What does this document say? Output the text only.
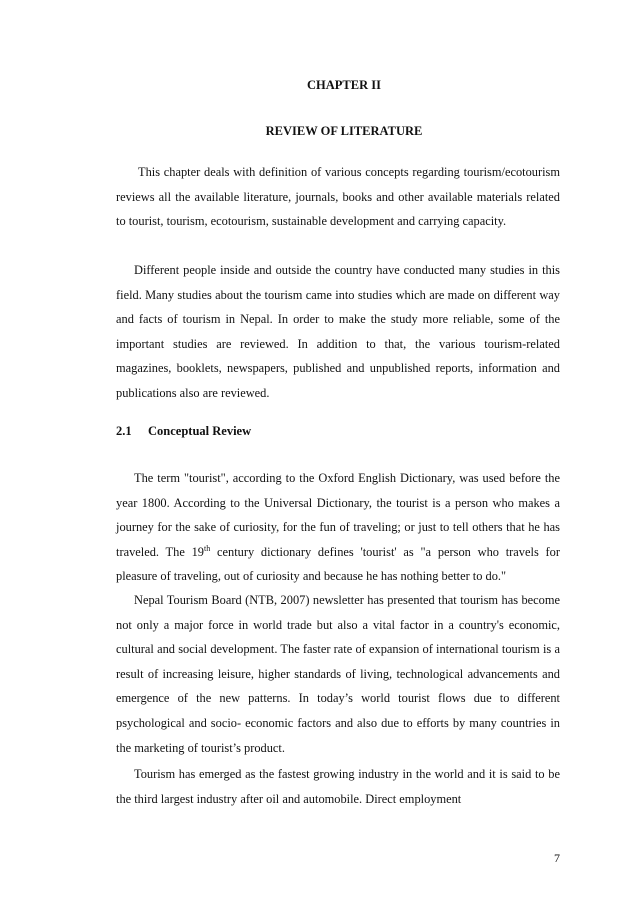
CHAPTER II
REVIEW OF LITERATURE

This chapter deals with definition of various concepts regarding tourism/ecotourism reviews all the available literature, journals, books and other available materials related to tourist, tourism, ecotourism, sustainable development and carrying capacity.

Different people inside and outside the country have conducted many studies in this field. Many studies about the tourism came into studies which are made on different way and facts of tourism in Nepal. In order to make the study more reliable, some of the important studies are reviewed. In addition to that, the various tourism-related magazines, booklets, newspapers, published and unpublished reports, information and publications also are reviewed.

2.1 Conceptual Review

The term "tourist", according to the Oxford English Dictionary, was used before the year 1800. According to the Universal Dictionary, the tourist is a person who makes a journey for the sake of curiosity, for the fun of traveling; or just to tell others that he has traveled. The 19th century dictionary defines 'tourist' as "a person who travels for pleasure of traveling, out of curiosity and because he has nothing better to do."

Nepal Tourism Board (NTB, 2007) newsletter has presented that tourism has become not only a major force in world trade but also a vital factor in a country's economic, cultural and social development. The faster rate of expansion of international tourism is a result of increasing leisure, higher standards of living, technological advancements and emergence of the new patterns. In today’s world tourist flows due to different psychological and socio- economic factors and also due to efforts by many countries in the marketing of tourist’s product.

Tourism has emerged as the fastest growing industry in the world and it is said to be the third largest industry after oil and automobile. Direct employment

7
